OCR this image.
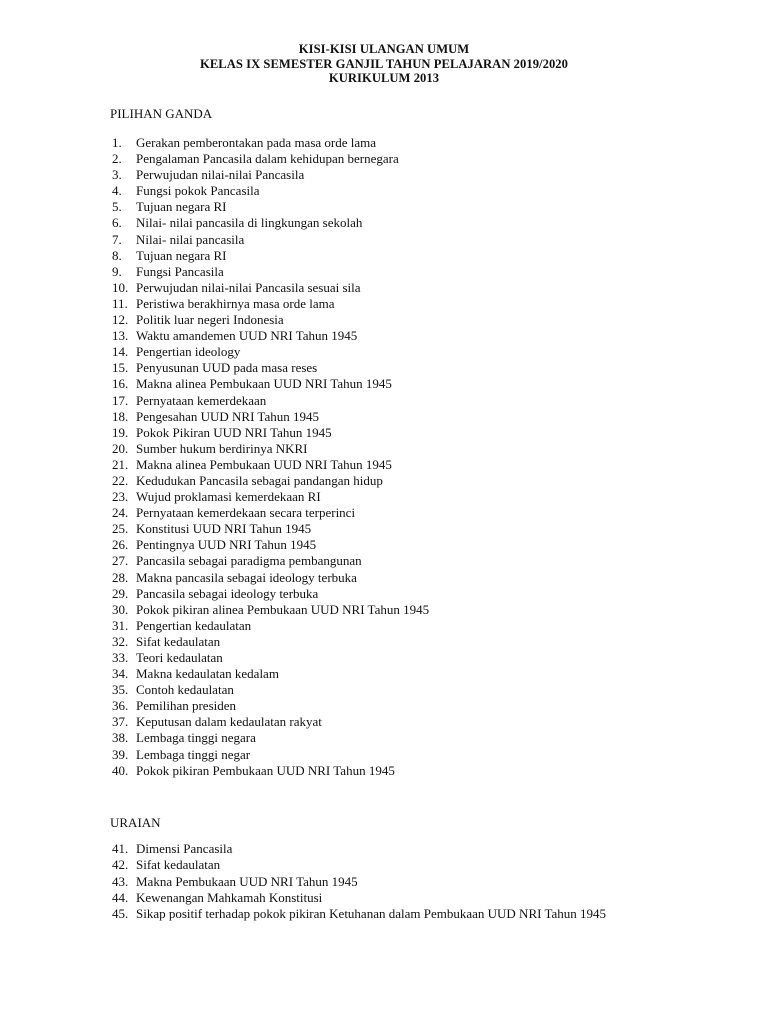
KISI-KISI ULANGAN UMUM
KELAS IX SEMESTER GANJIL TAHUN PELAJARAN 2019/2020
KURIKULUM 2013
PILIHAN GANDA
1. Gerakan pemberontakan pada masa orde lama
2. Pengalaman Pancasila dalam kehidupan bernegara
3. Perwujudan nilai-nilai Pancasila
4. Fungsi pokok Pancasila
5. Tujuan negara RI
6. Nilai- nilai pancasila di lingkungan sekolah
7. Nilai- nilai pancasila
8. Tujuan negara RI
9. Fungsi Pancasila
10. Perwujudan nilai-nilai Pancasila sesuai sila
11. Peristiwa berakhirnya masa orde lama
12. Politik luar negeri Indonesia
13. Waktu amandemen UUD NRI Tahun 1945
14. Pengertian ideology
15. Penyusunan UUD pada masa reses
16. Makna alinea Pembukaan UUD NRI Tahun 1945
17. Pernyataan kemerdekaan
18. Pengesahan UUD NRI Tahun 1945
19. Pokok Pikiran UUD NRI Tahun 1945
20. Sumber hukum berdirinya NKRI
21. Makna alinea Pembukaan UUD NRI Tahun 1945
22. Kedudukan Pancasila sebagai pandangan hidup
23. Wujud proklamasi kemerdekaan RI
24. Pernyataan kemerdekaan secara terperinci
25. Konstitusi UUD NRI Tahun 1945
26. Pentingnya UUD NRI Tahun 1945
27. Pancasila sebagai paradigma pembangunan
28. Makna pancasila sebagai ideology terbuka
29. Pancasila sebagai ideology terbuka
30. Pokok pikiran alinea Pembukaan UUD NRI Tahun 1945
31. Pengertian kedaulatan
32. Sifat kedaulatan
33. Teori kedaulatan
34. Makna kedaulatan kedalam
35. Contoh kedaulatan
36. Pemilihan presiden
37. Keputusan dalam kedaulatan rakyat
38. Lembaga tinggi negara
39. Lembaga tinggi negar
40. Pokok pikiran Pembukaan UUD NRI Tahun 1945
URAIAN
41. Dimensi Pancasila
42. Sifat kedaulatan
43. Makna Pembukaan UUD NRI Tahun 1945
44. Kewenangan Mahkamah Konstitusi
45. Sikap positif terhadap pokok pikiran Ketuhanan dalam Pembukaan UUD NRI Tahun 1945
